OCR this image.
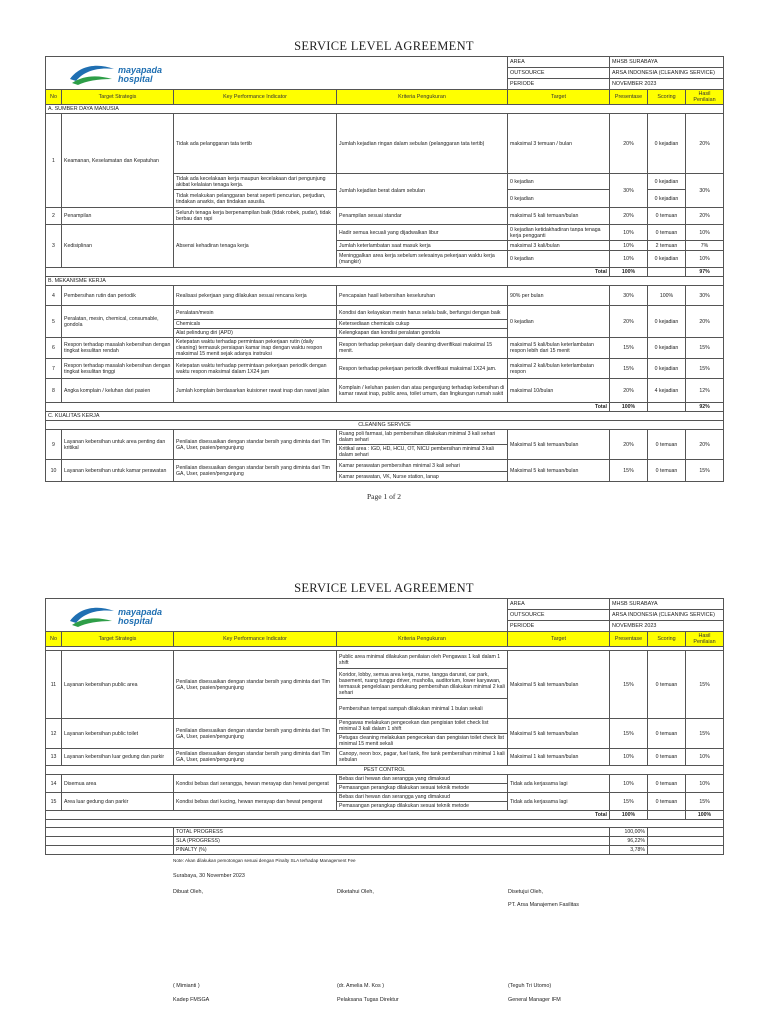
SERVICE LEVEL AGREEMENT
mayapada
hospital				AREA	MHSB SURABAYA		
				OUTSOURCE	ARSA INDONESIA (CLEANING SERVICE)		
				PERIODE	NOVEMBER 2023		
No	Target Strategis	Key Performance Indicator	Kriteria Pengukuran	Target	Presentase	Scoring	Hasil Penilaian
A. SUMBER DAYA MANUSIA							
1	Keamanan, Keselamatan dan Kepatuhan	Tidak ada pelanggaran tata tertib	Jumlah kejadian ringan dalam sebulan (pelanggaran tata tertib)	maksimal 3 temuan / bulan	20%	0 kejadian	20%
		Tidak ada kecelakaan kerja maupun kecelakaan dari pengunjung akibat kelalaian tenaga kerja.	Jumlah kejadian berat dalam sebulan	0 kejadian	30%	0 kejadian	30%
		Tidak melakukan pelanggaran berat seperti pencurian, perjudian, tindakan anarkis, dan tindakan asusila.		0 kejadian		0 kejadian	
2	Penampilan	Seluruh tenaga kerja berpenampilan baik (tidak robek, pudar), tidak berbau dan rapi	Penampilan sesuai standar	maksimal 5 kali temuan/bulan	20%	0 temuan	20%
3	Kedisiplinan	Absensi kehadiran tenaga kerja	Hadir semua kecuali yang dijadwalkan libur	0 kejadian ketidakhadiran tanpa tenaga kerja pengganti	10%	0 temuan	10%
			Jumlah keterlambatan saat masuk kerja	maksimal 3 kali/bulan	10%	2 temuan	7%
			Meninggalkan area kerja sebelum selesainya pekerjaan waktu kerja (mangkir)	0 kejadian	10%	0 kejadian	10%
Total					100%		97%
B. MEKANISME KERJA							
4	Pembersihan rutin dan periodik	Realisasi pekerjaan yang dilakukan sesuai rencana kerja	Pencapaian hasil kebersihan keseluruhan	90% per bulan	30%	100%	30%
5	Peralatan, mesin, chemical, consumable, gondola	Peralatan/mesin	Kondisi dan kelayakan mesin harus selalu baik, berfungsi dengan baik	0 kejadian	20%	0 kejadian	20%
		Chemicals	Ketersediaan chemicals cukup				
		Alat pelindung diri (APD)	Kelengkapan dan kondisi peralatan gondola				
6	Respon terhadap masalah kebersihan dengan tingkat kesulitan rendah	Ketepatan waktu terhadap permintaan pekerjaan rutin (daily cleaning) termasuk persiapan kamar inap dengan waktu respon maksimal 15 menit sejak adanya instruksi	Respon terhadap pekerjaan daily cleaning diverifikasi maksimal 15 menit.	maksimal 5 kali/bulan keterlambatan respon lebih dari 15 menit	15%	0 kejadian	15%
7	Respon terhadap masalah kebersihan dengan tingkat kesulitan tinggi	Ketepatan waktu terhadap permintaan pekerjaan periodik dengan waktu respon maksimal dalam 1X24 jam	Respon terhadap pekerjaan periodik diverifikasi maksimal 1X24 jam.	maksimal 2 kali/bulan keterlambatan respon	15%	0 kejadian	15%
8	Angka komplain / keluhan dari pasien	Jumlah komplain berdasarkan kuisioner rawat inap dan rawat jalan	Komplain / keluhan pasien dan atau pengunjung terhadap kebersihan di kamar rawat inap, public area, toilet umum, dan lingkungan rumah sakit	maksimal 10/bulan	20%	4 kejadian	12%
Total					100%		92%
C. KUALITAS KERJA							
CLEANING SERVICE							
9	Layanan kebersihan untuk area penting dan kritikal	Penilaian disesuaikan dengan standar bersih yang diminta dari Tim GA, User, pasien/pengunjung	Ruang poli farmasi, lab pembersihan dilakukan minimal 3 kali sehari dalam sehari	Maksimal 5 kali temuan/bulan	20%	0 temuan	20%
			Kritikal area : IGD, HD, HCU, OT, NICU pembersihan minimal 3 kali dalam sehari				
10	Layanan kebersihan untuk kamar perawatan	Penilaian disesuaikan dengan standar bersih yang diminta dari Tim GA, User, pasien/pengunjung	Kamar perawatan pembersihan minimal 3 kali sehari	Maksimal 5 kali temuan/bulan	15%	0 temuan	15%
			Kamar perawatan, VK, Nurse station, lanap				
Page 1 of 2
SERVICE LEVEL AGREEMENT
mayapada
hospital				AREA	MHSB SURABAYA		
				OUTSOURCE	ARSA INDONESIA (CLEANING SERVICE)		
				PERIODE	NOVEMBER 2023		
No	Target Strategis	Key Performance Indicator	Kriteria Pengukuran	Target	Presentase	Scoring	Hasil Penilaian

11	Layanan kebersihan public area	Penilaian disesuaikan dengan standar bersih yang diminta dari Tim GA, User, pasien/pengunjung	Public area minimal dilakukan penilaian oleh Pengawas 1 kali dalam 1 shift	Maksimal 5 kali temuan/bulan	15%	0 temuan	15%
			Koridor, lobby, semua area kerja, nurse, tangga darurat, car park, basement, ruang tunggu driver, musholla, auditorium, lower karyawan, termasuk pengelolaan pendukung pembersihan dilakukan minimal 2 kali sehari				
			Pembersihan tempat sampah dilakukan minimal 1 bulan sekali				
12	Layanan kebersihan public toilet	Penilaian disesuaikan dengan standar bersih yang diminta dari Tim GA, User, pasien/pengunjung	Pengawas melakukan pengecekan dan pengisian toilet check list minimal 3 kali dalam 1 shift	Maksimal 5 kali temuan/bulan	15%	0 temuan	15%
			Petugas cleaning melakukan pengecekan dan pengisian toilet check list minimal 15 menit sekali				
13	Layanan kebersihan luar gedung dan parkir	Penilaian disesuaikan dengan standar bersih yang diminta dari Tim GA, User, pasien/pengunjung	Canopy, neon box, pagar, fuel tank, fire tank pembersihan minimal 1 kali sebulan	Maksimal 1 kali temuan/bulan	10%	0 temuan	10%
PEST CONTROL							
14	Disemua area	Kondisi bebas dari serangga, hewan merayap dan hewat pengerat	Bebas dari hewan dan serangga yang dimaksud	Tidak ada kerjasama lagi	10%	0 temuan	10%
			Pemasangan perangkap dilakukan sesuai teknik metode				
15	Area luar gedung dan parkir	Kondisi bebas dari kucing, hewan merayap dan hewat pengerat	Bebas dari hewan dan serangga yang dimaksud	Tidak ada kerjasama lagi	15%	0 temuan	15%
			Pemasangan perangkap dilakukan sesuai teknik metode				
Total					100%		100%

		TOTAL PROGRESS			100,00%		
		SLA (PROGRESS)			96,22%		
		PINALTY (%)			3,78%		
Note: Akan dilakukan pemotongan sesuai dengan Pinalty SLA terhadap Management Fee
Surabaya, 30 November 2023
Dibuat Oleh,	Diketahui Oleh,	Disetujui Oleh,
PT. Arsa Manajemen Fasilitas
( Mimianti )	(dr. Amelia M. Kos )	(Teguh Tri Utomo)
Kadep FMSGA	Pelaksana Tugas Direktur	General Manager IFM
